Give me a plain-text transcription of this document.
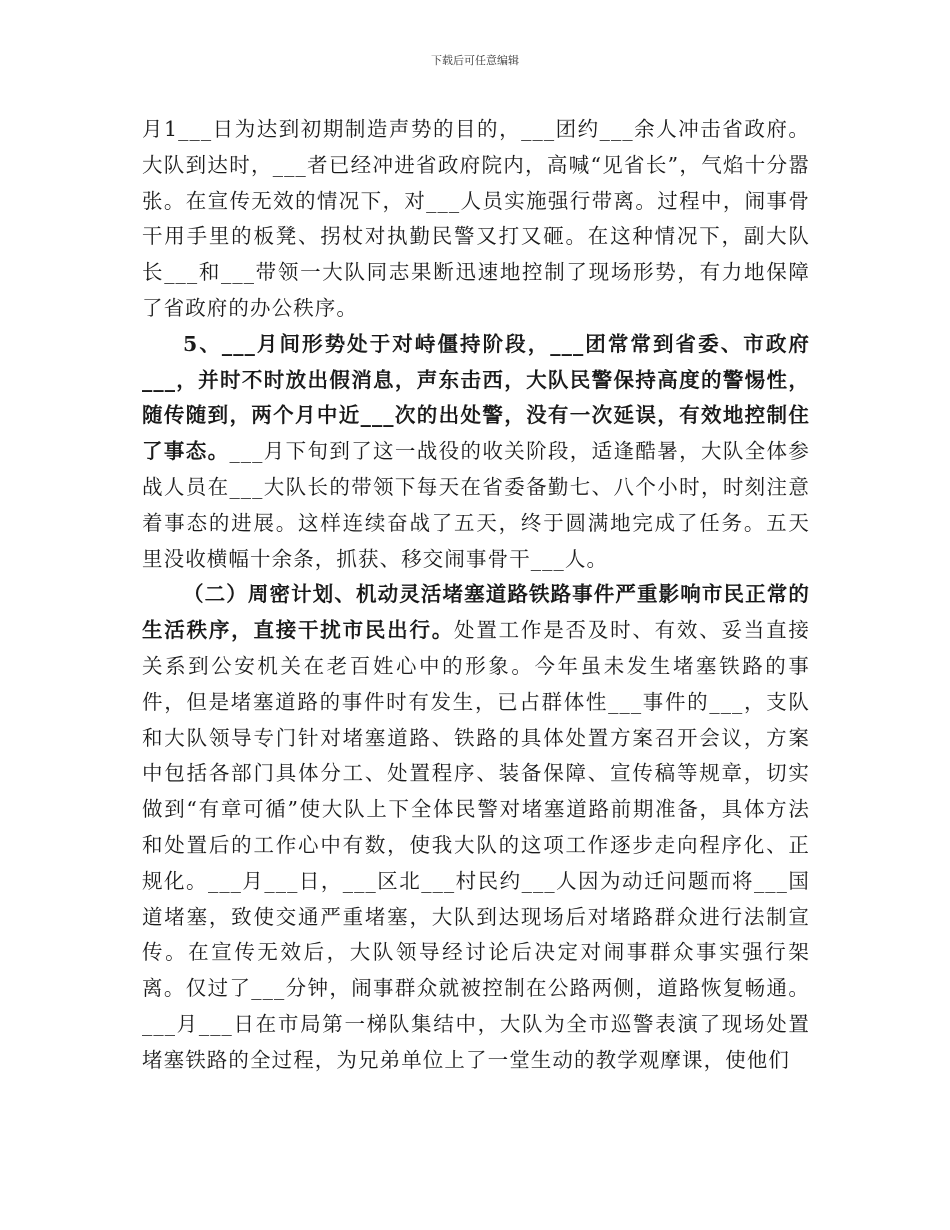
下载后可任意编辑

月1___日为达到初期制造声势的目的，___团约___余人冲击省政府。大队到达时，___者已经冲进省政府院内，高喊“见省长”，气焰十分嚣张。在宣传无效的情况下，对___人员实施强行带离。过程中，闹事骨干用手里的板凳、拐杖对执勤民警又打又砸。在这种情况下，副大队长___和___带领一大队同志果断迅速地控制了现场形势，有力地保障了省政府的办公秩序。

5、___月间形势处于对峙僵持阶段，___团常常到省委、市政府___，并时不时放出假消息，声东击西，大队民警保持高度的警惕性，随传随到，两个月中近___次的出处警，没有一次延误，有效地控制住了事态。___月下旬到了这一战役的收关阶段，适逢酷暑，大队全体参战人员在___大队长的带领下每天在省委备勤七、八个小时，时刻注意着事态的进展。这样连续奋战了五天，终于圆满地完成了任务。五天里没收横幅十余条，抓获、移交闹事骨干___人。

（二）周密计划、机动灵活堵塞道路铁路事件严重影响市民正常的生活秩序，直接干扰市民出行。处置工作是否及时、有效、妥当直接关系到公安机关在老百姓心中的形象。今年虽未发生堵塞铁路的事件，但是堵塞道路的事件时有发生，已占群体性___事件的___，支队和大队领导专门针对堵塞道路、铁路的具体处置方案召开会议，方案中包括各部门具体分工、处置程序、装备保障、宣传稿等规章，切实做到“有章可循”使大队上下全体民警对堵塞道路前期准备，具体方法和处置后的工作心中有数，使我大队的这项工作逐步走向程序化、正规化。___月___日，___区北___村民约___人因为动迁问题而将___国道堵塞，致使交通严重堵塞，大队到达现场后对堵路群众进行法制宣传。在宣传无效后，大队领导经讨论后决定对闹事群众事实强行架离。仅过了___分钟，闹事群众就被控制在公路两侧，道路恢复畅通。___月___日在市局第一梯队集结中，大队为全市巡警表演了现场处置堵塞铁路的全过程，为兄弟单位上了一堂生动的教学观摩课，使他们
